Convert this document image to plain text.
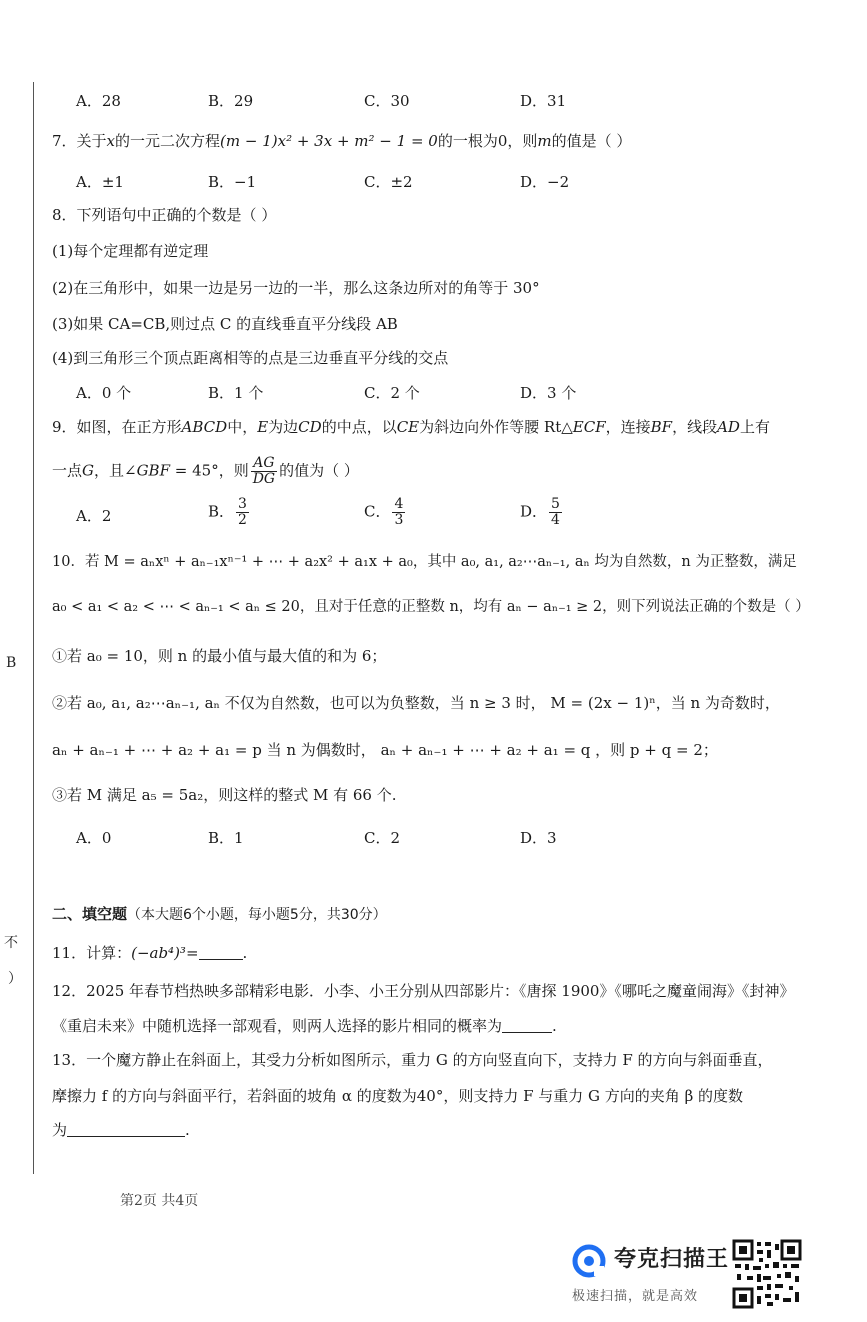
B
不
）
A．28	B．29	C．30	D．31
7．关于x的一元二次方程(m − 1)x² + 3x + m² − 1 = 0的一根为0，则m的值是（ ）
A．±1	B．−1	C．±2	D．−2
8．下列语句中正确的个数是（ ）
(1)每个定理都有逆定理
(2)在三角形中，如果一边是另一边的一半，那么这条边所对的角等于 30°
(3)如果 CA=CB,则过点 C 的直线垂直平分线段 AB
(4)到三角形三个顶点距离相等的点是三边垂直平分线的交点
A．0 个	B．1 个	C．2 个	D．3 个
9．如图，在正方形ABCD中，E为边CD的中点，以CE为斜边向外作等腰 Rt△ECF，连接BF，线段AD上有
一点G，且∠GBF = 45°，则 $\frac{AG}{DG}$ 的值为（ ）
A．2	B． $\frac{3}{2}$	C． $\frac{4}{3}$	D． $\frac{5}{4}$
10．若 M = aₙxⁿ + aₙ₋₁xⁿ⁻¹ + ⋯ + a₂x² + a₁x + a₀，其中 a₀, a₁, a₂⋯aₙ₋₁, aₙ 均为自然数，n 为正整数，满足
a₀ < a₁ < a₂ < ⋯ < aₙ₋₁ < aₙ ≤ 20，且对于任意的正整数 n，均有 aₙ − aₙ₋₁ ≥ 2，则下列说法正确的个数是（ ）
①若 a₀ = 10，则 n 的最小值与最大值的和为 6；
②若 a₀, a₁, a₂⋯aₙ₋₁, aₙ 不仅为自然数，也可以为负整数，当 n ≥ 3 时， M = (2x − 1)ⁿ，当 n 为奇数时，
aₙ + aₙ₋₁ + ⋯ + a₂ + a₁ = p 当 n 为偶数时， aₙ + aₙ₋₁ + ⋯ + a₂ + a₁ = q ，则 p + q = 2；
③若 M 满足 a₅ = 5a₂，则这样的整式 M 有 66 个.
A．0	B．1	C．2	D．3
二、填空题（本大题6个小题，每小题5分，共30分）
11．计算：(−ab⁴)³=	.
12．2025 年春节档热映多部精彩电影．小李、小王分别从四部影片：《唐探 1900》《哪吒之魔童闹海》《封神》
《重启未来》中随机选择一部观看，则两人选择的影片相同的概率为	.
13．一个魔方静止在斜面上，其受力分析如图所示，重力 G 的方向竖直向下，支持力 F 的方向与斜面垂直，
摩擦力 f 的方向与斜面平行，若斜面的坡角 α 的度数为40°，则支持力 F 与重力 G 方向的夹角 β 的度数
为	.
第2页 共4页
夸克扫描王
极速扫描，就是高效
